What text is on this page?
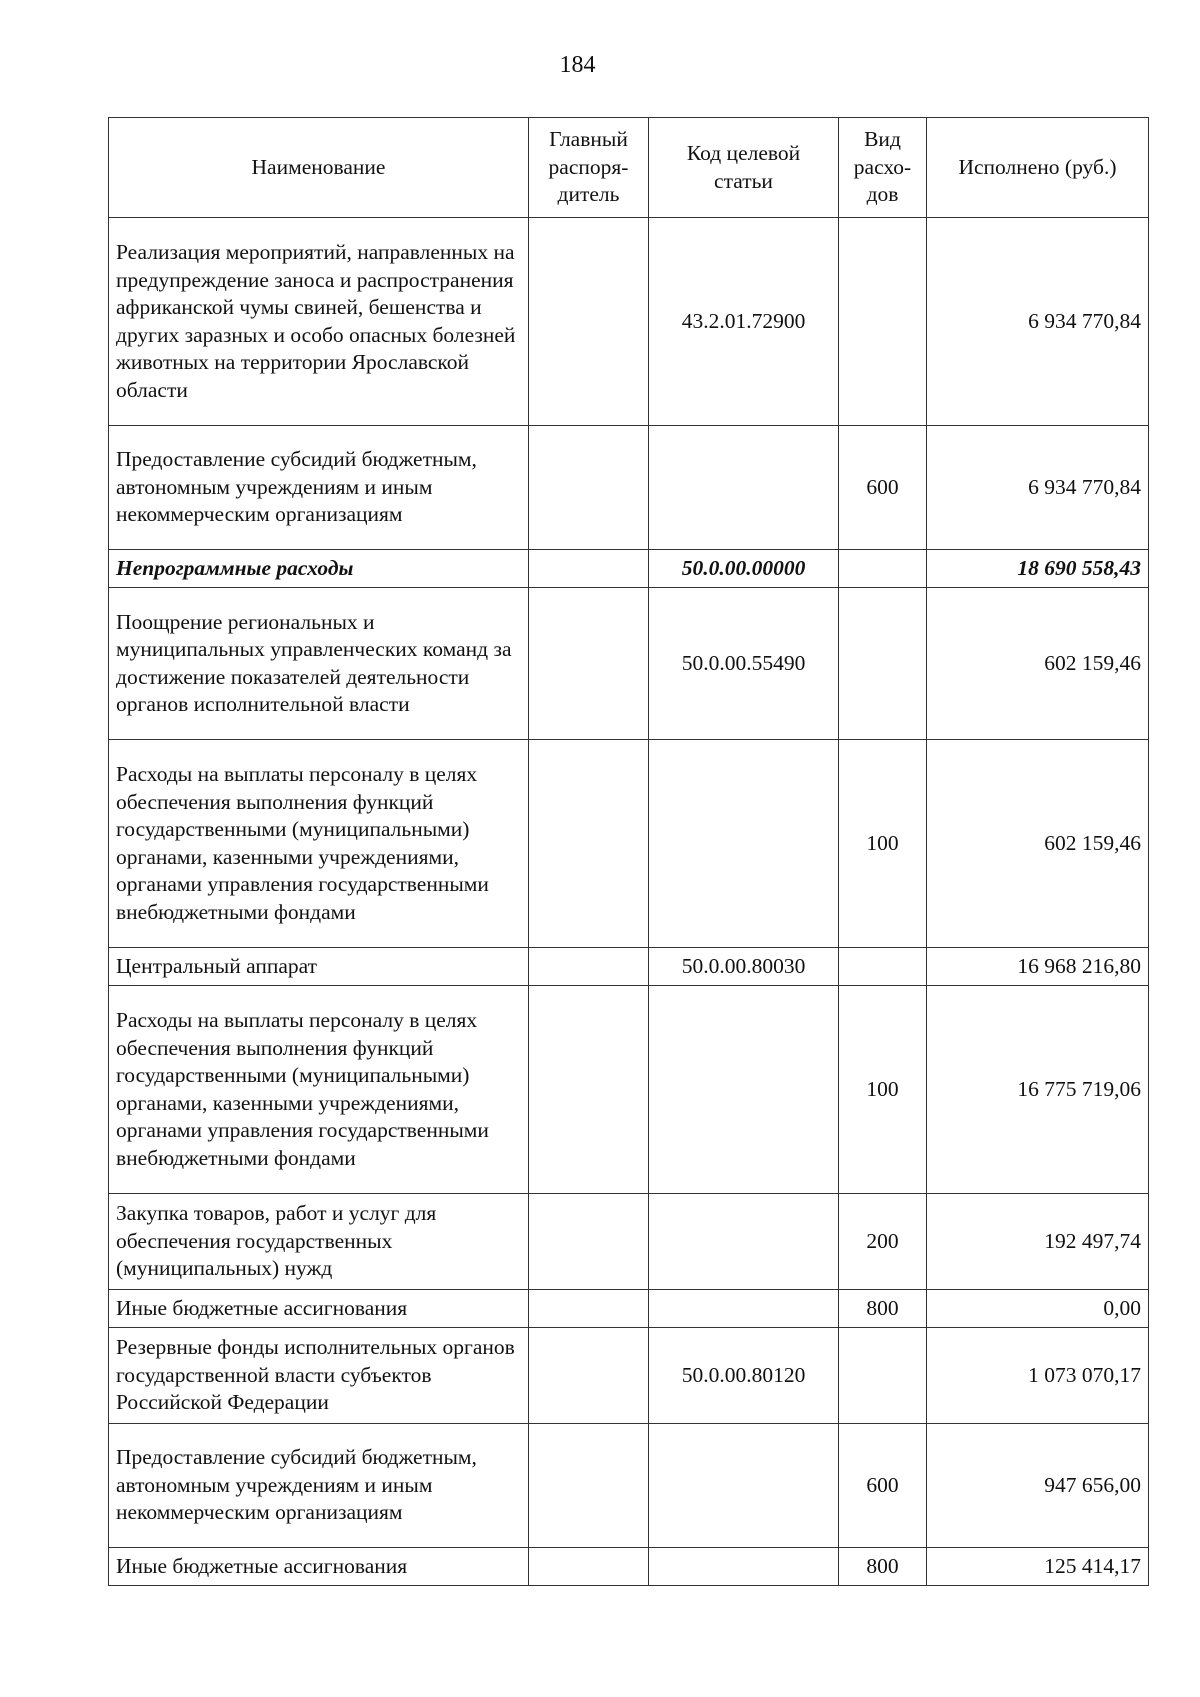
184
Наименование	Главный распоря-дитель	Код целевой статьи	Вид расхо-дов	Исполнено (руб.)
Реализация мероприятий, направленных на предупреждение заноса и распространения африканской чумы свиней, бешенства и других заразных и особо опасных болезней животных на территории Ярославской области		43.2.01.72900		6 934 770,84
Предоставление субсидий бюджетным, автономным учреждениям и иным некоммерческим организациям			600	6 934 770,84
Непрограммные расходы		50.0.00.00000		18 690 558,43
Поощрение региональных и муниципальных управленческих команд за достижение показателей деятельности органов исполнительной власти		50.0.00.55490		602 159,46
Расходы на выплаты персоналу в целях обеспечения выполнения функций государственными (муниципальными) органами, казенными учреждениями, органами управления государственными внебюджетными фондами			100	602 159,46
Центральный аппарат		50.0.00.80030		16 968 216,80
Расходы на выплаты персоналу в целях обеспечения выполнения функций государственными (муниципальными) органами, казенными учреждениями, органами управления государственными внебюджетными фондами			100	16 775 719,06
Закупка товаров, работ и услуг для обеспечения государственных (муниципальных) нужд			200	192 497,74
Иные бюджетные ассигнования			800	0,00
Резервные фонды исполнительных органов государственной власти субъектов Российской Федерации		50.0.00.80120		1 073 070,17
Предоставление субсидий бюджетным, автономным учреждениям и иным некоммерческим организациям			600	947 656,00
Иные бюджетные ассигнования			800	125 414,17
